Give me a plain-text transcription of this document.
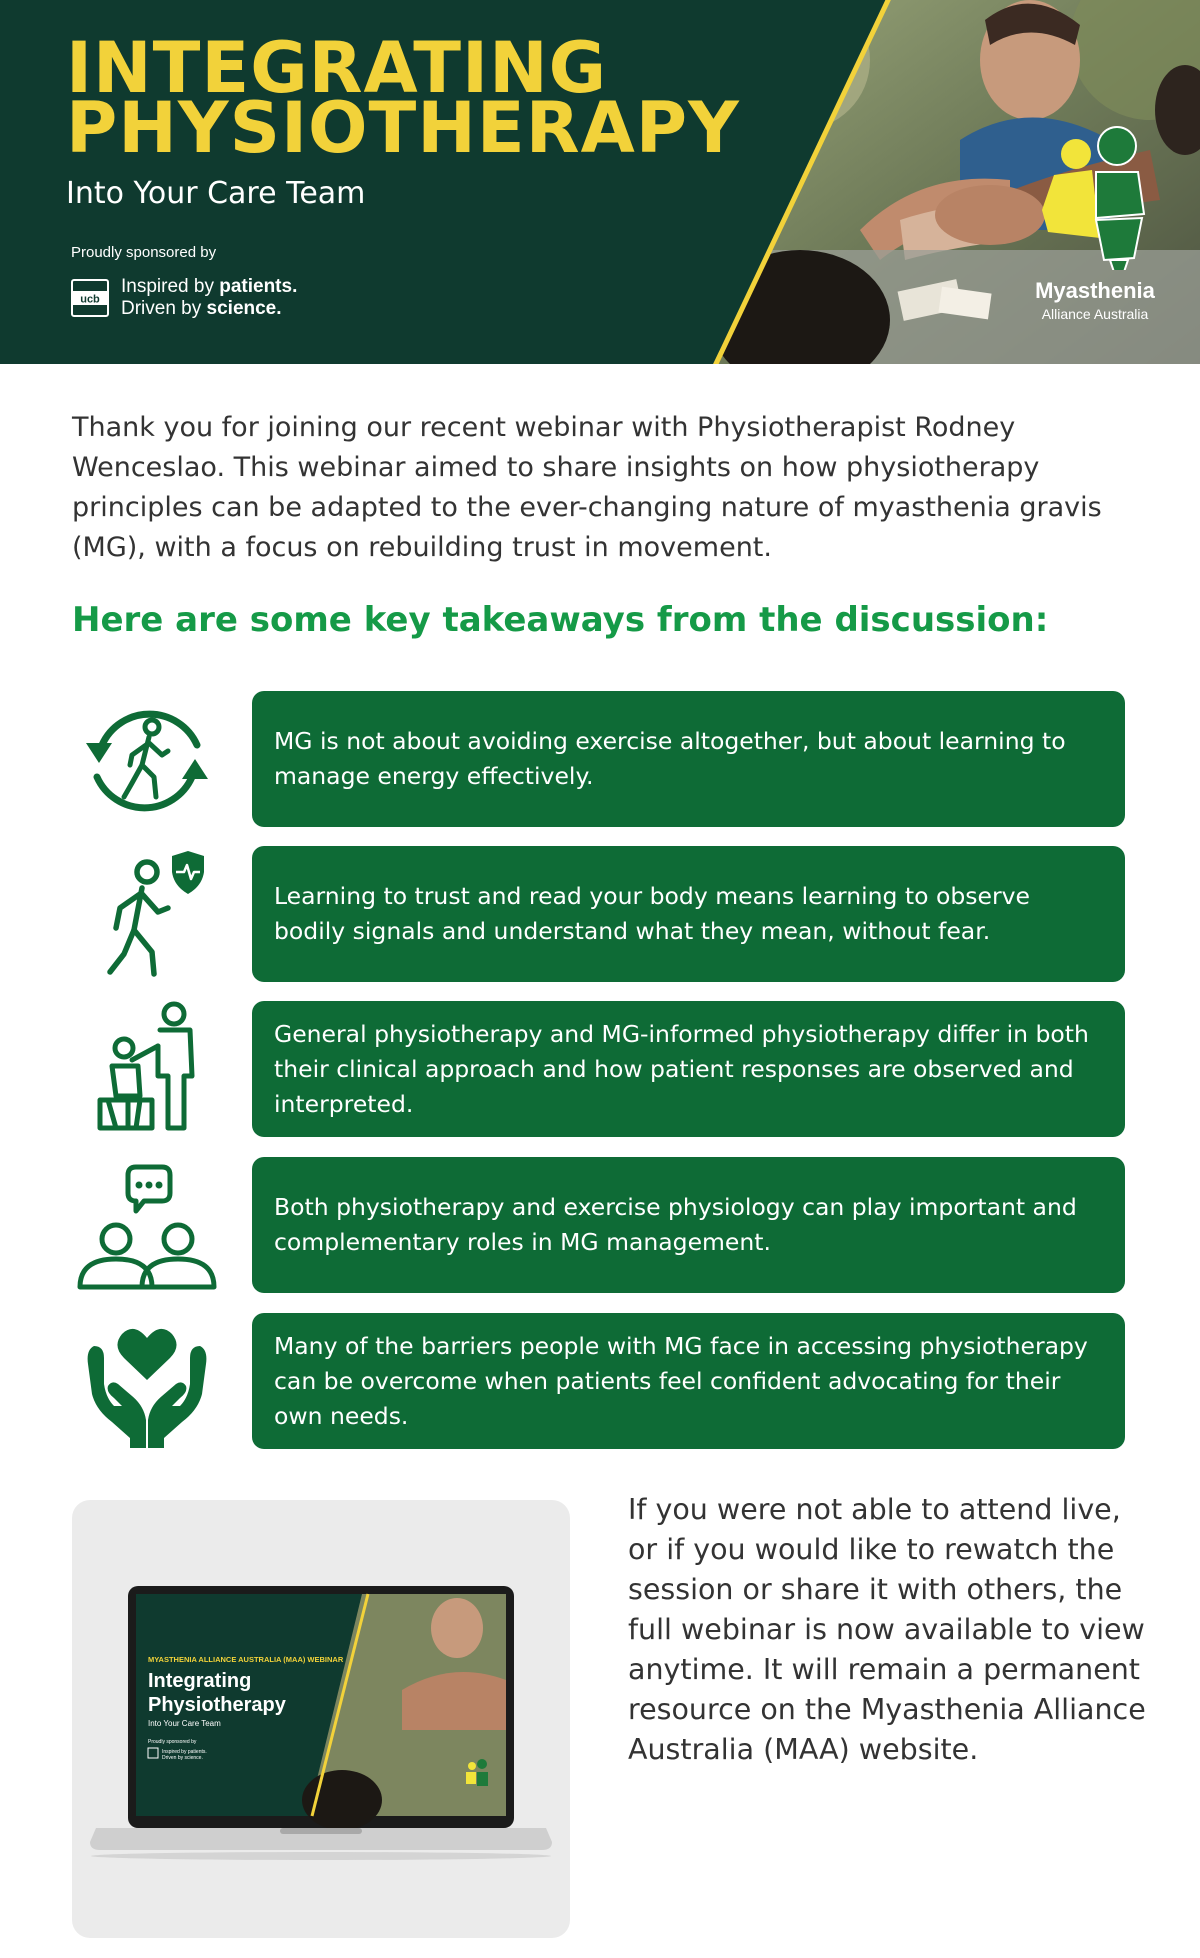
INTEGRATING
PHYSIOTHERAPY
Into Your Care Team
Proudly sponsored by
ucb
Inspired by patients.
Driven by science.
Myasthenia
Alliance Australia

Thank you for joining our recent webinar with Physiotherapist Rodney Wenceslao. This webinar aimed to share insights on how physiotherapy principles can be adapted to the ever-changing nature of myasthenia gravis (MG), with a focus on rebuilding trust in movement.

Here are some key takeaways from the discussion:
MG is not about avoiding exercise altogether, but about learning to manage energy effectively.
Learning to trust and read your body means learning to observe bodily signals and understand what they mean, without fear.
General physiotherapy and MG-informed physiotherapy differ in both their clinical approach and how patient responses are observed and interpreted.
Both physiotherapy and exercise physiology can play important and complementary roles in MG management.
Many of the barriers people with MG face in accessing physiotherapy can be overcome when patients feel confident advocating for their own needs.
MYASTHENIA ALLIANCE AUSTRALIA (MAA) WEBINAR
Integrating
Physiotherapy
Into Your Care Team
Proudly sponsored by
Inspired by patients.
Driven by science.

If you were not able to attend live, or if you would like to rewatch the session or share it with others, the full webinar is now available to view anytime. It will remain a permanent resource on the Myasthenia Alliance Australia (MAA) website.
